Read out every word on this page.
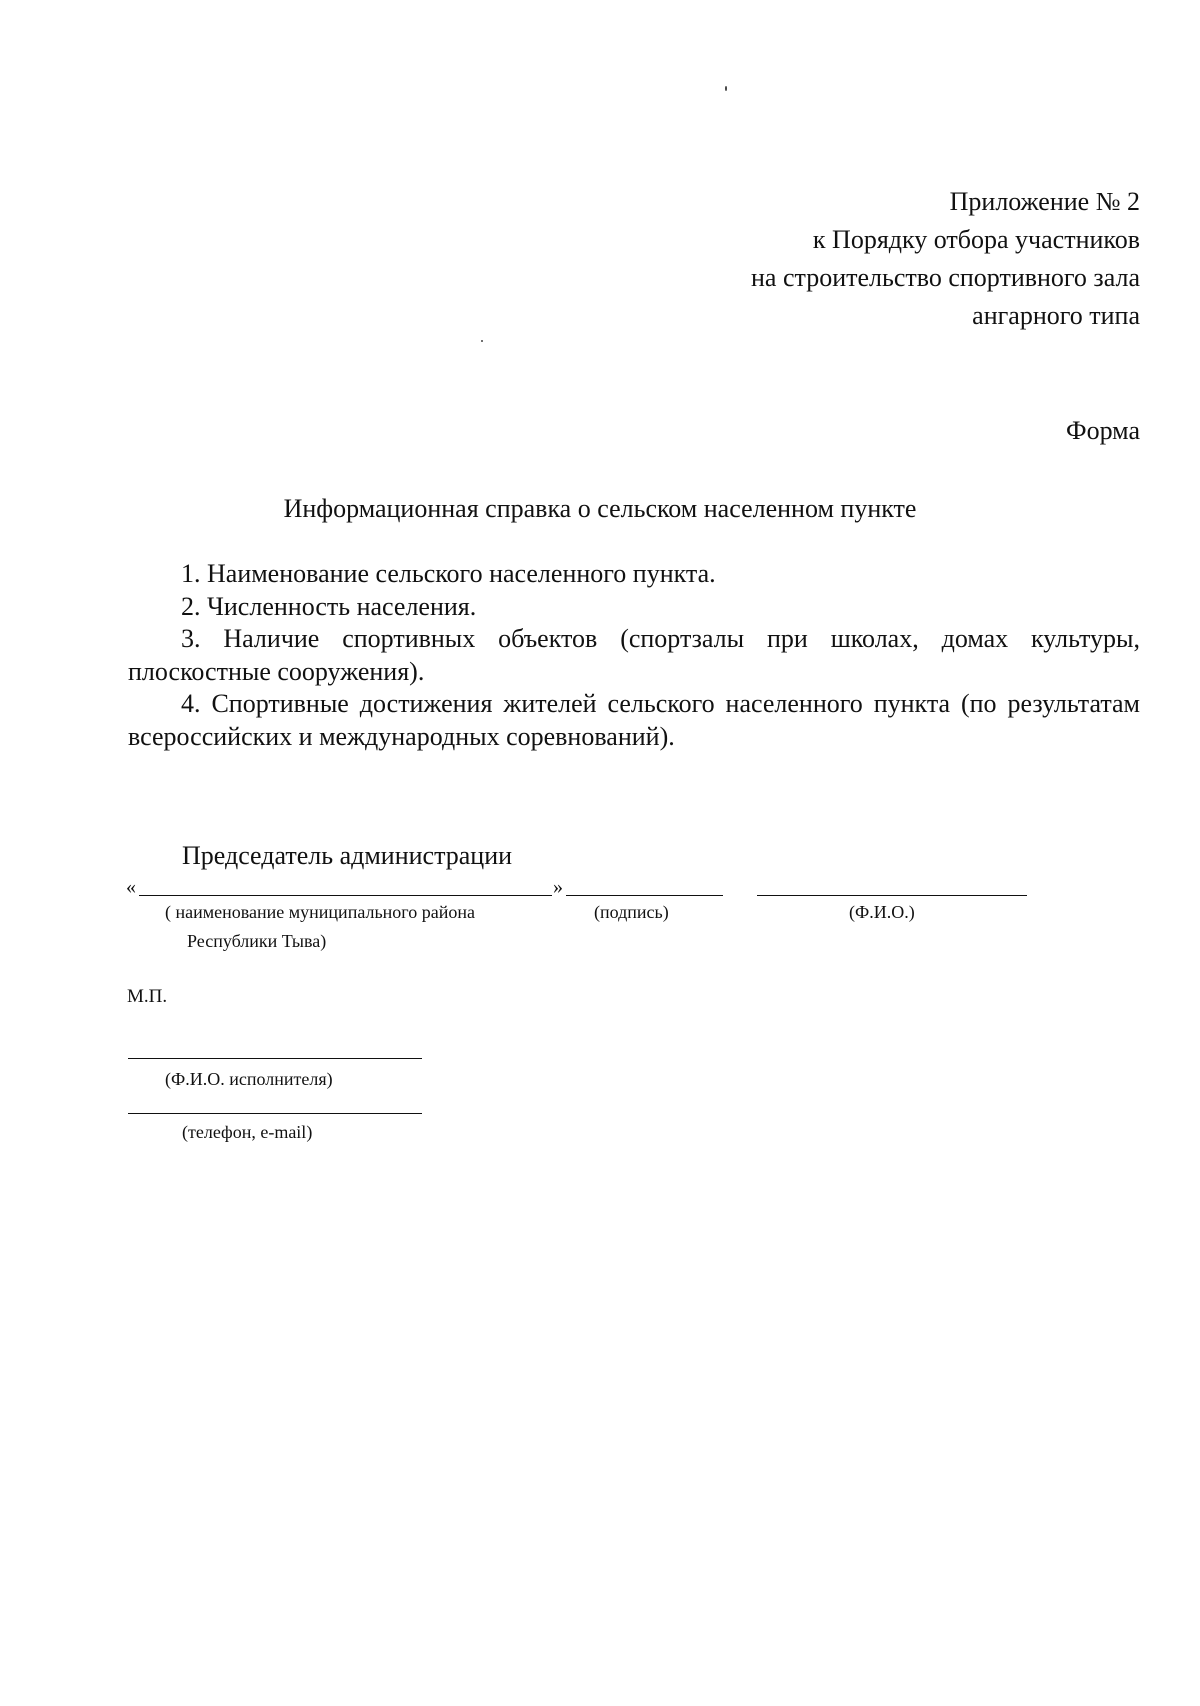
Приложение № 2
к Порядку отбора участников
на строительство спортивного зала
ангарного типа
Форма
Информационная справка о сельском населенном пункте

1. Наименование сельского населенного пункта.

2. Численность населения.

3. Наличие спортивных объектов (спортзалы при школах, домах культуры, плоскостные сооружения).

4. Спортивные достижения жителей сельского населенного пункта (по результатам всероссийских и международных соревнований).

Председатель администрации
«	»
( наименование муниципального района
Республики Тыва)
(подпись)	(Ф.И.О.)
М.П.
(Ф.И.О. исполнителя)
(телефон, e-mail)
